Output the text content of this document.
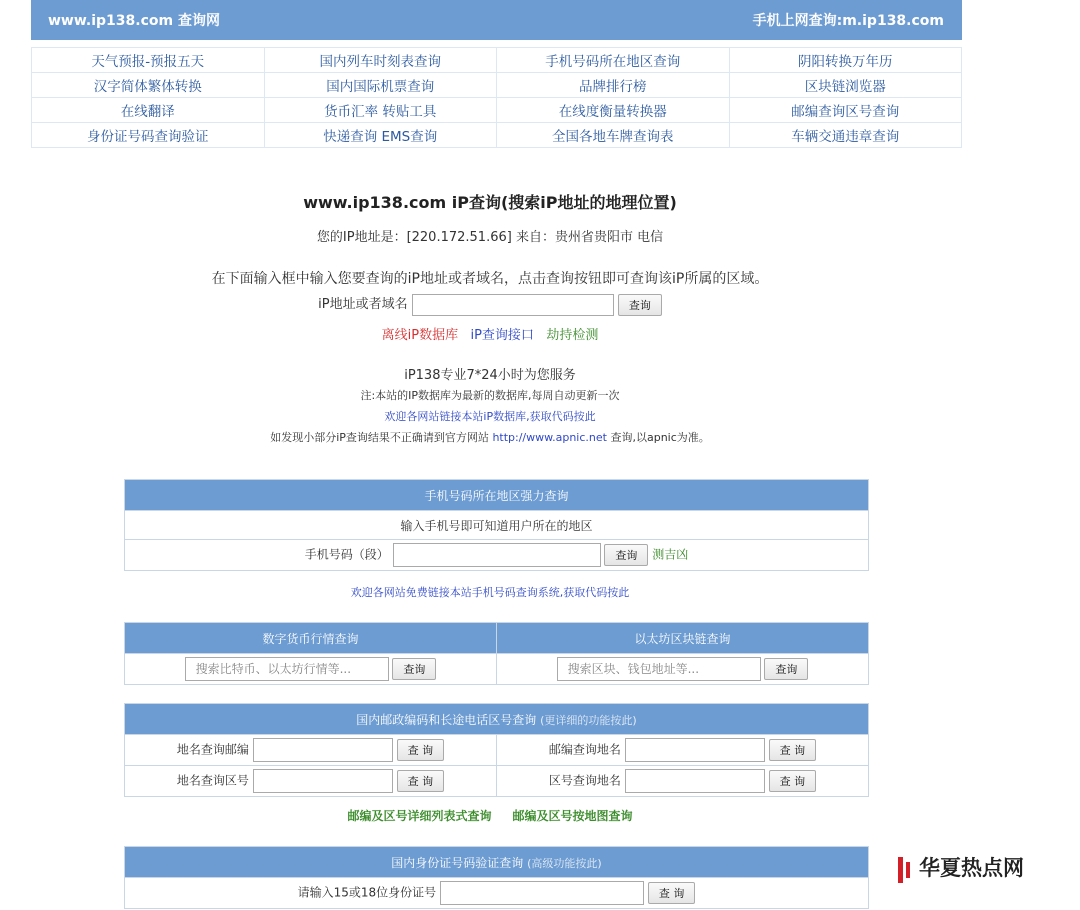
www.ip138.com 查询网	手机上网查询:m.ip138.com
天气预报-预报五天	国内列车时刻表查询	手机号码所在地区查询	阴阳转换万年历
汉字简体繁体转换	国内国际机票查询	品牌排行榜	区块链浏览器
在线翻译	货币汇率 转贴工具	在线度衡量转换器	邮编查询区号查询
身份证号码查询验证	快递查询 EMS查询	全国各地车牌查询表	车辆交通违章查询
www.ip138.com iP查询(搜索iP地址的地理位置)
您的IP地址是：[220.172.51.66] 来自：贵州省贵阳市 电信
在下面输入框中输入您要查询的iP地址或者域名，点击查询按钮即可查询该iP所属的区域。
iP地址或者域名	查询
离线iP数据库 iP查询接口 劫持检测
iP138专业7*24小时为您服务
注:本站的IP数据库为最新的数据库,每周自动更新一次
欢迎各网站链接本站iP数据库,获取代码按此
如发现小部分iP查询结果不正确请到官方网站 http://www.apnic.net 查询,以apnic为准。
手机号码所在地区强力查询
输入手机号即可知道用户所在的地区
手机号码（段）	查询 测吉凶
欢迎各网站免费链接本站手机号码查询系统,获取代码按此
数字货币行情查询	以太坊区块链查询
搜索比特币、以太坊行情等... 查询	搜索区块、钱包地址等... 查询
国内邮政编码和长途电话区号查询 (更详细的功能按此)	
地名查询邮编 查 询	邮编查询地名 查 询
地名查询区号 查 询	区号查询地名 查 询
邮编及区号详细列表式查询 邮编及区号按地图查询
国内身份证号码验证查询 (高级功能按此)
请输入15或18位身份证号	查 询
华夏热点网
